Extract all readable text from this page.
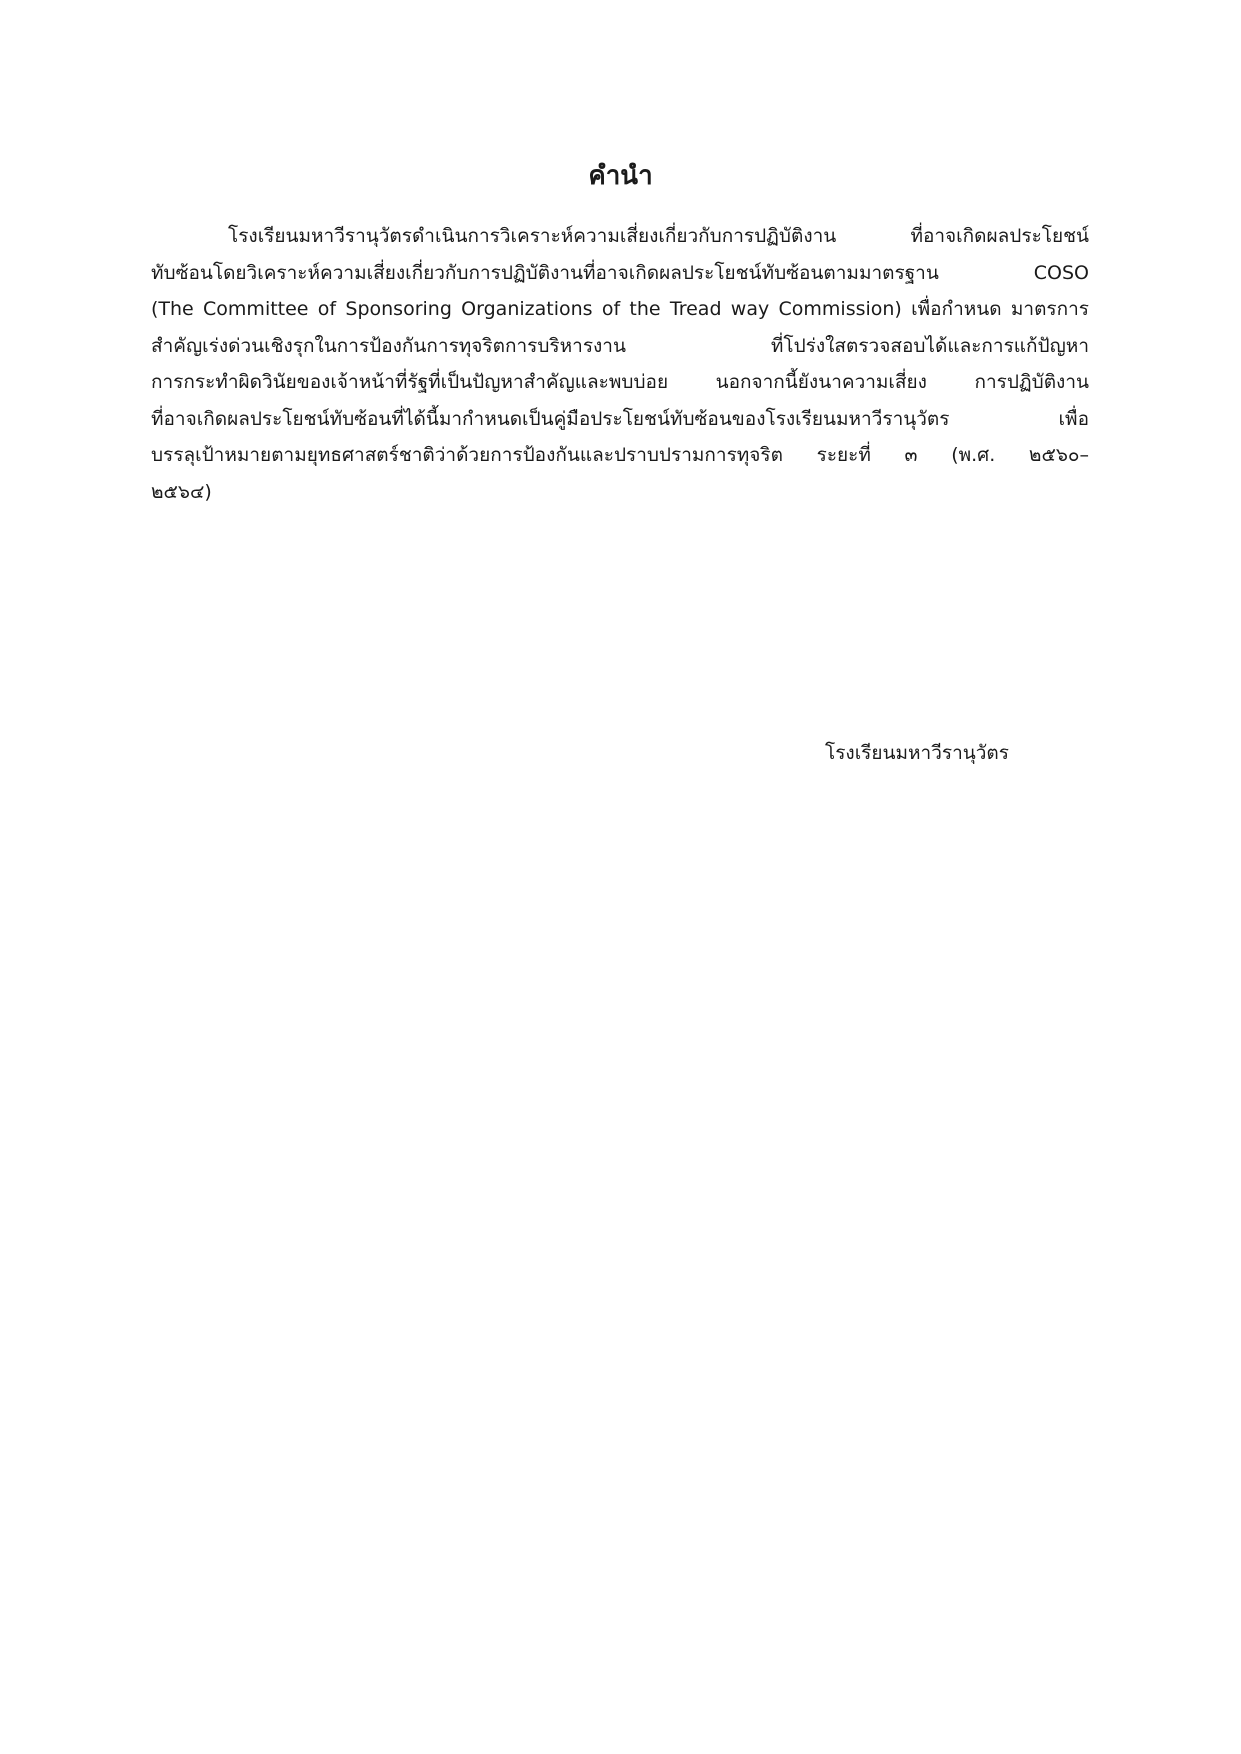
คำนำ
โรงเรียนมหาวีรานุวัตรดำเนินการวิเคราะห์ความเสี่ยงเกี่ยวกับการปฏิบัติงาน ที่อาจเกิดผลประโยชน์
ทับซ้อนโดยวิเคราะห์ความเสี่ยงเกี่ยวกับการปฏิบัติงานที่อาจเกิดผลประโยชน์ทับซ้อนตามมาตรฐาน COSO
(The Committee of Sponsoring Organizations of the Tread way Commission) เพื่อกำหนด มาตรการ
สำคัญเร่งด่วนเชิงรุกในการป้องกันการทุจริตการบริหารงาน ที่โปร่งใสตรวจสอบได้และการแก้ปัญหา
การกระทำผิดวินัยของเจ้าหน้าที่รัฐที่เป็นปัญหาสำคัญและพบบ่อย นอกจากนี้ยังนาความเสี่ยง การปฏิบัติงาน
ที่อาจเกิดผลประโยชน์ทับซ้อนที่ได้นี้มากำหนดเป็นคู่มือประโยชน์ทับซ้อนของโรงเรียนมหาวีรานุวัตร เพื่อ
บรรลุเป้าหมายตามยุทธศาสตร์ชาติว่าด้วยการป้องกันและปราบปรามการทุจริต ระยะที่ ๓ (พ.ศ. ๒๕๖๐–
๒๕๖๔)
โรงเรียนมหาวีรานุวัตร
